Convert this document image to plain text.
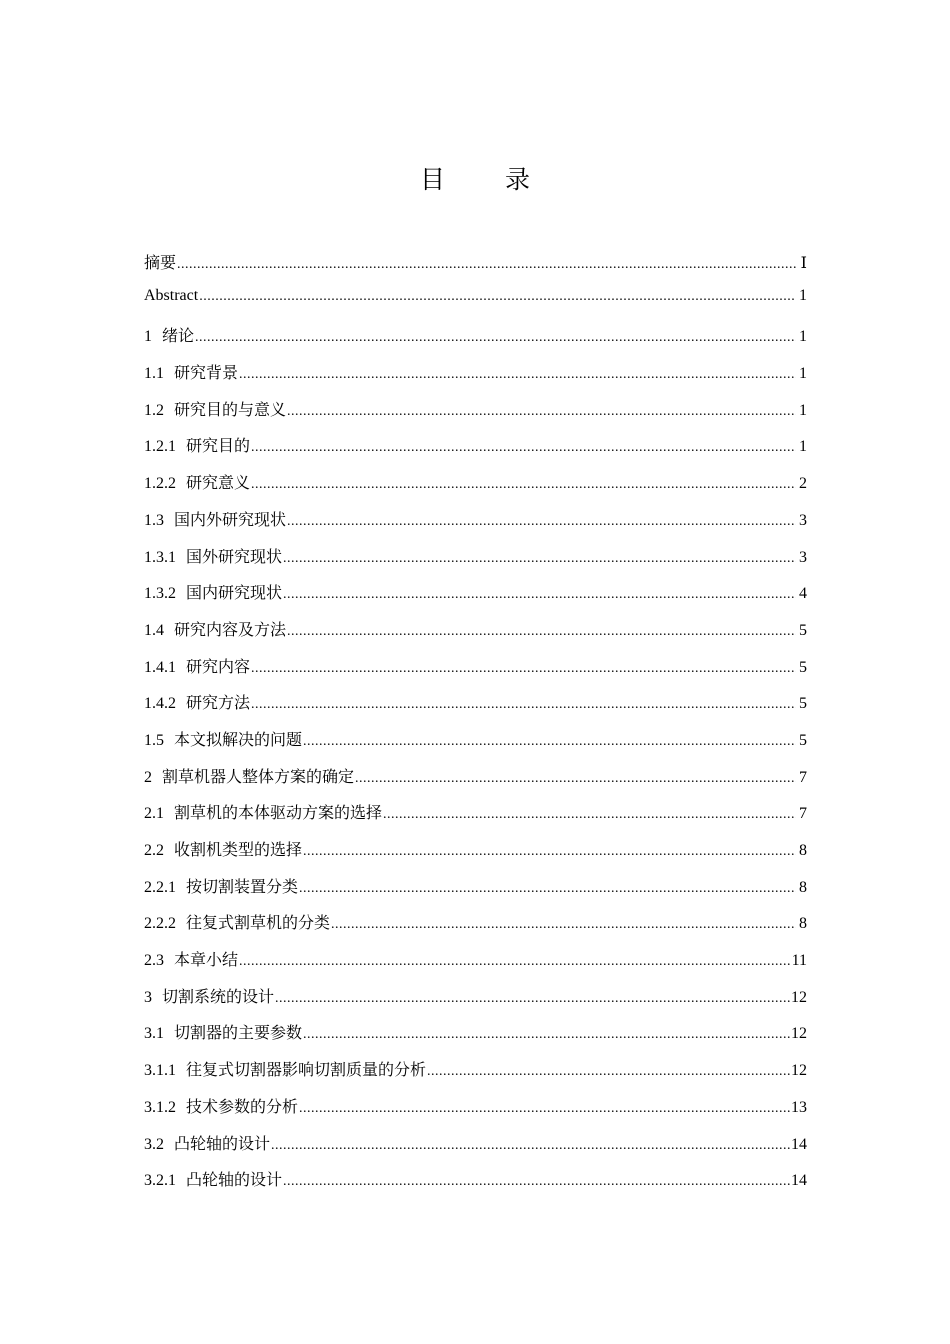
目 录
摘要 .....	Ⅰ
Abstract .....	1
1 绪论 .....	1
1.1 研究背景 .....	1
1.2 研究目的与意义 .....	1
1.2.1 研究目的 .....	1
1.2.2 研究意义 .....	2
1.3 国内外研究现状 .....	3
1.3.1 国外研究现状 .....	3
1.3.2 国内研究现状 .....	4
1.4 研究内容及方法 .....	5
1.4.1 研究内容 .....	5
1.4.2 研究方法 .....	5
1.5 本文拟解决的问题 .....	5
2 割草机器人整体方案的确定 .....	7
2.1 割草机的本体驱动方案的选择 .....	7
2.2 收割机类型的选择 .....	8
2.2.1 按切割装置分类 .....	8
2.2.2 往复式割草机的分类 .....	8
2.3 本章小结 .....	11
3 切割系统的设计 .....	12
3.1 切割器的主要参数 .....	12
3.1.1 往复式切割器影响切割质量的分析 .....	12
3.1.2 技术参数的分析 .....	13
3.2 凸轮轴的设计 .....	14
3.2.1 凸轮轴的设计 .....	14
